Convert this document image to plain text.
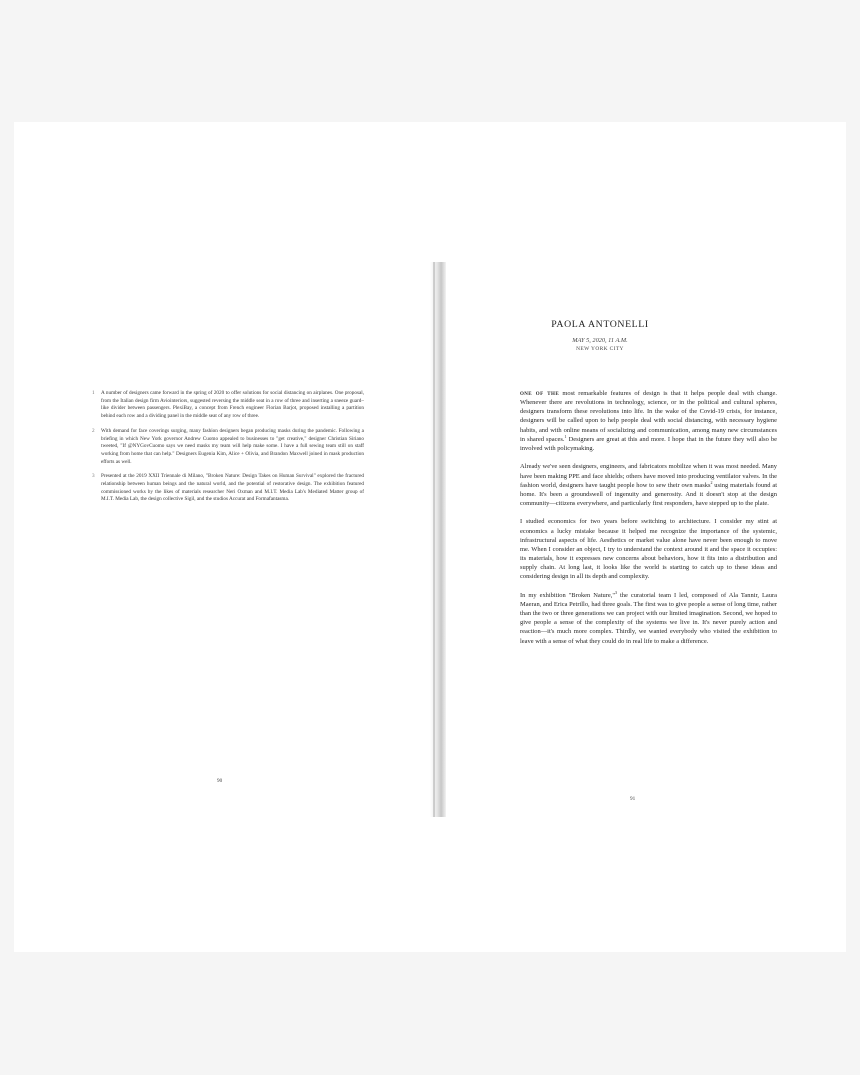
1 A number of designers came forward in the spring of 2020 to offer solutions for social distancing on airplanes. One proposal, from the Italian design firm Aviointeriors, suggested reversing the middle seat in a row of three and inserting a sneeze guard–like divider between passengers. PlexiBay, a concept from French engineer Florian Barjot, proposed installing a partition behind each row and a dividing panel in the middle seat of any row of three.
2 With demand for face coverings surging, many fashion designers began producing masks during the pandemic. Following a briefing in which New York governor Andrew Cuomo appealed to businesses to "get creative," designer Christian Siriano tweeted, "If @NYGovCuomo says we need masks my team will help make some. I have a full sewing team still on staff working from home that can help." Designers Eugenia Kim, Alice + Olivia, and Brandon Maxwell joined in mask production efforts as well.
3 Presented at the 2019 XXII Triennale di Milano, "Broken Nature: Design Takes on Human Survival" explored the fractured relationship between human beings and the natural world, and the potential of restorative design. The exhibition featured commissioned works by the likes of materials researcher Neri Oxman and M.I.T. Media Lab's Mediated Matter group of M.I.T. Media Lab, the design collective Sigil, and the studios Accurat and Formafantasma.
90
PAOLA ANTONELLI
MAY 5, 2020, 11 A.M.
NEW YORK CITY

one of the most remarkable features of design is that it helps people deal with change. Whenever there are revolutions in technology, science, or in the political and cultural spheres, designers transform these revolutions into life. In the wake of the Covid-19 crisis, for instance, designers will be called upon to help people deal with social distancing, with necessary hygiene habits, and with online means of socializing and communication, among many new circumstances in shared spaces.$^1$ Designers are great at this and more. I hope that in the future they will also be involved with policymaking.

Already we've seen designers, engineers, and fabricators mobilize when it was most needed. Many have been making PPE and face shields; others have moved into producing ventilator valves. In the fashion world, designers have taught people how to sew their own masks$^2$ using materials found at home. It's been a groundswell of ingenuity and generosity. And it doesn't stop at the design community—citizens everywhere, and particularly first responders, have stepped up to the plate.

I studied economics for two years before switching to architecture. I consider my stint at economics a lucky mistake because it helped me recognize the importance of the systemic, infrastructural aspects of life. Aesthetics or market value alone have never been enough to move me. When I consider an object, I try to understand the context around it and the space it occupies: its materials, how it expresses new concerns about behaviors, how it fits into a distribution and supply chain. At long last, it looks like the world is starting to catch up to these ideas and considering design in all its depth and complexity.

In my exhibition "Broken Nature,"$^3$ the curatorial team I led, composed of Ala Tannir, Laura Maeran, and Erica Petrillo, had three goals. The first was to give people a sense of long time, rather than the two or three generations we can project with our limited imagination. Second, we hoped to give people a sense of the complexity of the systems we live in. It's never purely action and reaction—it's much more complex. Thirdly, we wanted everybody who visited the exhibition to leave with a sense of what they could do in real life to make a difference.

91
